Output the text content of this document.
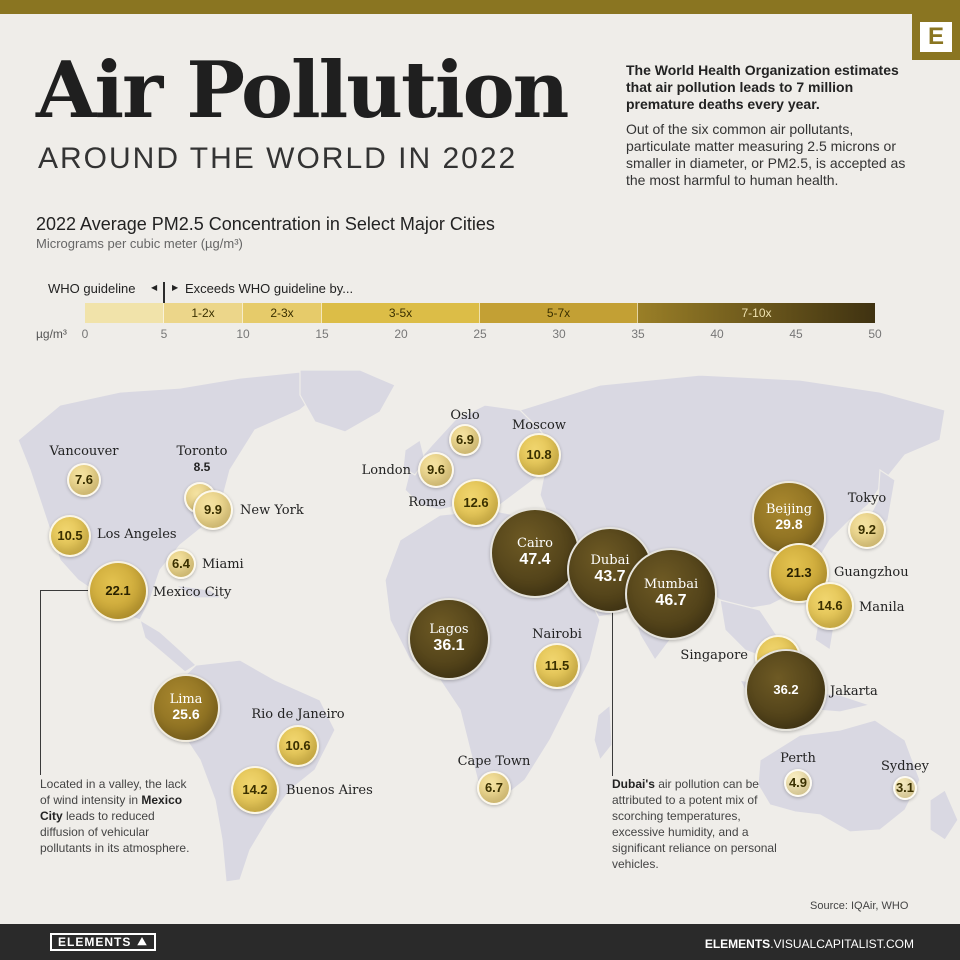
E
Air Pollution
AROUND THE WORLD IN 2022

The World Health Organization estimates that air pollution leads to 7 million premature deaths every year.

Out of the six common air pollutants, particulate matter measuring 2.5 microns or smaller in diameter, or PM2.5, is accepted as the most harmful to human health.

2022 Average PM2.5 Concentration in Select Major Cities

Micrograms per cubic meter (µg/m³)

WHO guideline ◀ ▶ Exceeds WHO guideline by...
1-2x	2-3x	3-5x	5-7x	7-10x
µg/m³	0	5	10	15	20	25	30	35	40	45	50
7.6
Vancouver	Toronto
8.5
9.9 New York
10.5 Los Angeles
6.4 Miami
22.1 Mexico City
Lima
25.6
10.6
Rio de Janeiro
14.2 Buenos Aires
6.9
Oslo
9.6
London
10.8
Moscow
12.6
Rome
Cairo
47.4	Dubai
43.7 Mumbai
46.7
Lagos
36.1
11.5
Nairobi
6.7
Cape Town
Beijing
29.8	9.2
Tokyo
21.3 Guangzhou
14.6 Manila
Singapore
36.2 Jakarta
4.9
Perth
3.1
Sydney
Located in a valley, the lack of wind intensity in Mexico City leads to reduced diffusion of vehicular pollutants in its atmosphere.
Dubai's air pollution can be attributed to a potent mix of scorching temperatures, excessive humidity, and a significant reliance on personal vehicles.
Source: IQAir, WHO
ELEMENTS ⛰	ELEMENTS.VISUALCAPITALIST.COM
